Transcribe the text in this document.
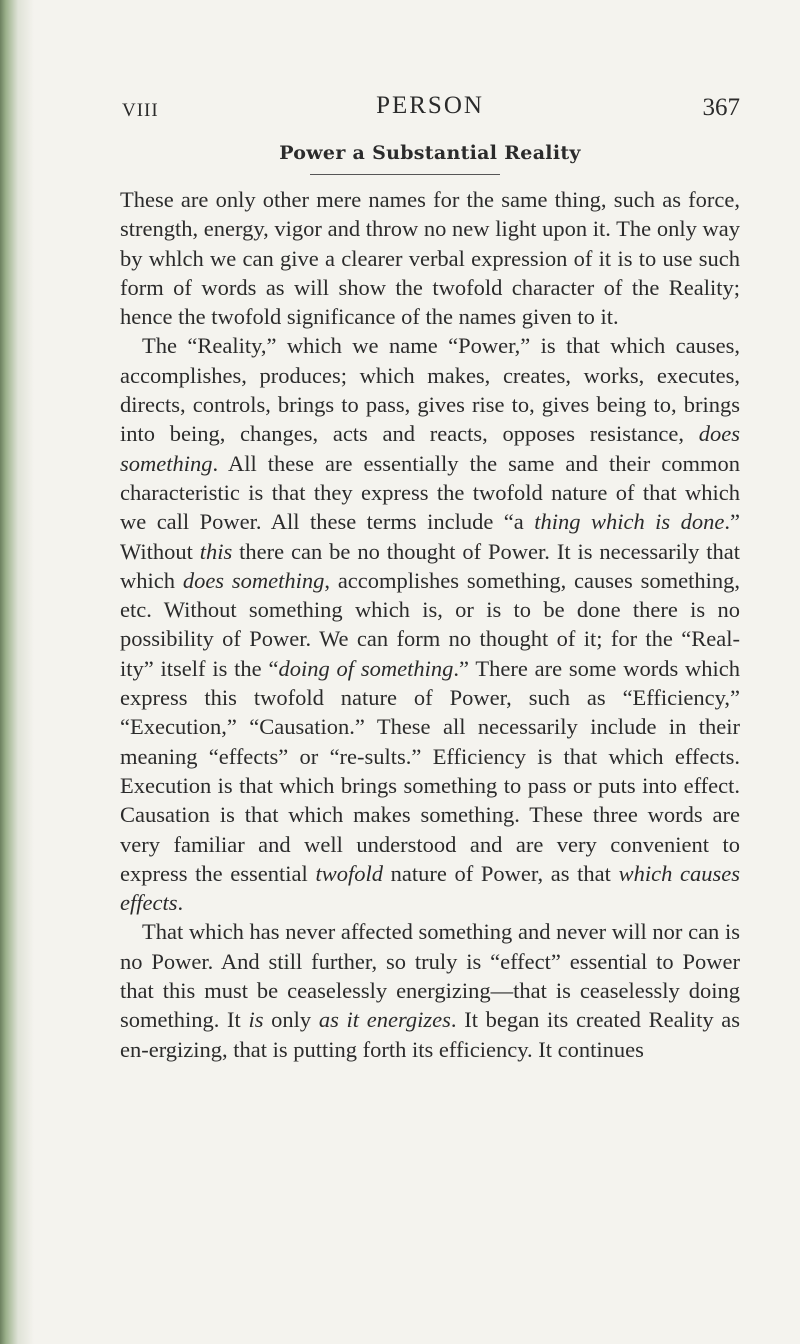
VIII	PERSON	367
Power a Substantial Reality

These are only other mere names for the same thing, such as force, strength, energy, vigor and throw no new light upon it. The only way by whlch we can give a clearer verbal expression of it is to use such form of words as will show the twofold character of the Reality; hence the twofold significance of the names given to it.

The “Reality,” which we name “Power,” is that which causes, accomplishes, produces; which makes, creates, works, executes, directs, controls, brings to pass, gives rise to, gives being to, brings into being, changes, acts and reacts, opposes resistance, does something. All these are essentially the same and their common characteristic is that they express the twofold nature of that which we call Power. All these terms include “a thing which is done.” Without this there can be no thought of Power. It is necessarily that which does something, accomplishes something, causes something, etc. Without something which is, or is to be done there is no possibility of Power. We can form no thought of it; for the “Real-ity” itself is the “doing of something.” There are some words which express this twofold nature of Power, such as “Efficiency,” “Execution,” “Causation.” These all necessarily include in their meaning “effects” or “re-sults.” Efficiency is that which effects. Execution is that which brings something to pass or puts into effect. Causation is that which makes something. These three words are very familiar and well understood and are very convenient to express the essential twofold nature of Power, as that which causes effects.

That which has never affected something and never will nor can is no Power. And still further, so truly is “effect” essential to Power that this must be ceaselessly energizing—that is ceaselessly doing something. It is only as it energizes. It began its created Reality as en-ergizing, that is putting forth its efficiency. It continues
